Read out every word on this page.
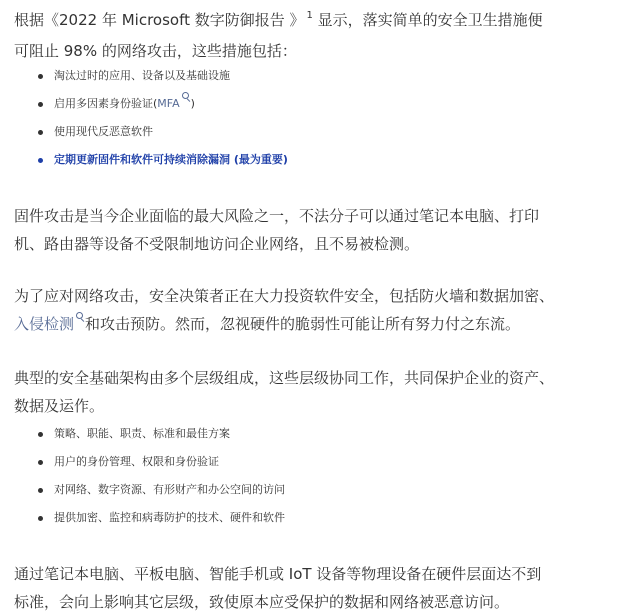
根据《2022 年 Microsoft 数字防御报告 》 $^1$ 显示，落实简单的安全卫生措施便
可阻止 98% 的网络攻击，这些措施包括：

淘汰过时的应用、设备以及基础设施
启用多因素身份验证(MFA )
使用现代反恶意软件
定期更新固件和软件可持续消除漏洞 (最为重要)

固件攻击是当今企业面临的最大风险之一，不法分子可以通过笔记本电脑、打印
机、路由器等设备不受限制地访问企业网络，且不易被检测。

为了应对网络攻击，安全决策者正在大力投资软件安全，包括防火墙和数据加密、
入侵检测 和攻击预防。然而，忽视硬件的脆弱性可能让所有努力付之东流。

典型的安全基础架构由多个层级组成，这些层级协同工作，共同保护企业的资产、
数据及运作。

策略、职能、职责、标准和最佳方案
用户的身份管理、权限和身份验证
对网络、数字资源、有形财产和办公空间的访问
提供加密、监控和病毒防护的技术、硬件和软件

通过笔记本电脑、平板电脑、智能手机或 IoT 设备等物理设备在硬件层面达不到
标准，会向上影响其它层级，致使原本应受保护的数据和网络被恶意访问。
